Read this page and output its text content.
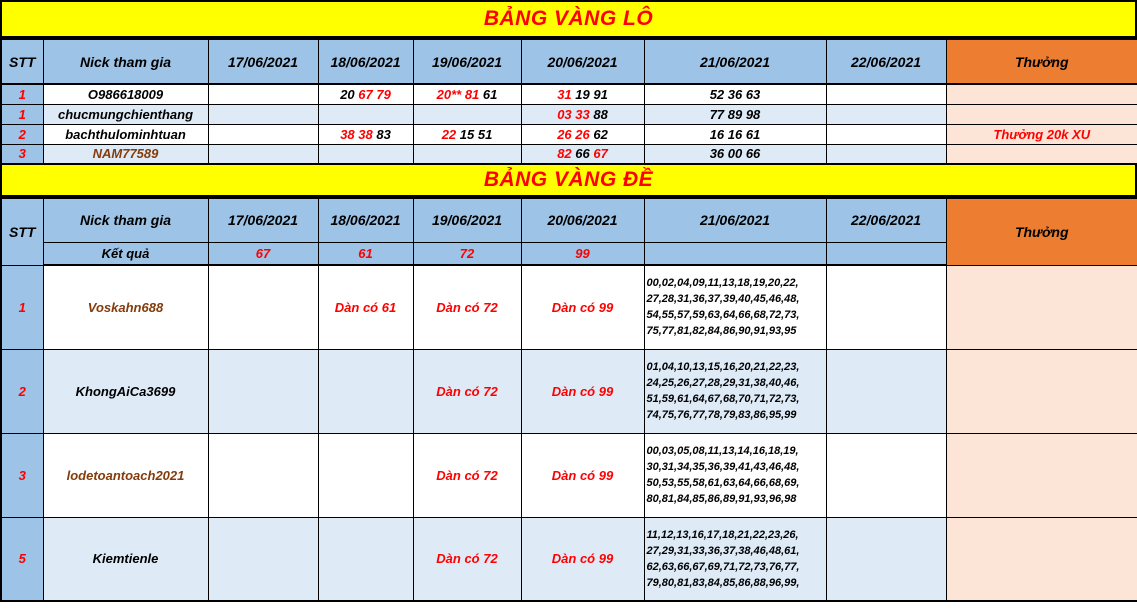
BẢNG VÀNG LÔ
STT	Nick tham gia	17/06/2021	18/06/2021	19/06/2021	20/06/2021	21/06/2021	22/06/2021	Thưởng
1	O986618009		20 67 79	20** 81 61	31 19 91	52 36 63		
1	chucmungchienthang				03 33 88	77 89 98		
2	bachthulominhtuan		38 38 83	22 15 51	26 26 62	16 16 61		Thưởng 20k XU
3	NAM77589				82 66 67	36 00 66		
BẢNG VÀNG ĐỀ
STT	Nick tham gia	17/06/2021	18/06/2021	19/06/2021	20/06/2021	21/06/2021	22/06/2021	Thưởng
	Kết quả	67	61	72	99			
1	Voskahn688		Dàn có 61	Dàn có 72	Dàn có 99	00,02,04,09,11,13,18,19,20,22,
27,28,31,36,37,39,40,45,46,48,
54,55,57,59,63,64,66,68,72,73,
75,77,81,82,84,86,90,91,93,95		

2	KhongAiCa3699			Dàn có 72	Dàn có 99	01,04,10,13,15,16,20,21,22,23,
24,25,26,27,28,29,31,38,40,46,
51,59,61,64,67,68,70,71,72,73,
74,75,76,77,78,79,83,86,95,99		

3	lodetoantoach2021			Dàn có 72	Dàn có 99	00,03,05,08,11,13,14,16,18,19,
30,31,34,35,36,39,41,43,46,48,
50,53,55,58,61,63,64,66,68,69,
80,81,84,85,86,89,91,93,96,98		

5	Kiemtienle			Dàn có 72	Dàn có 99	11,12,13,16,17,18,21,22,23,26,
27,29,31,33,36,37,38,46,48,61,
62,63,66,67,69,71,72,73,76,77,
79,80,81,83,84,85,86,88,96,99,		
